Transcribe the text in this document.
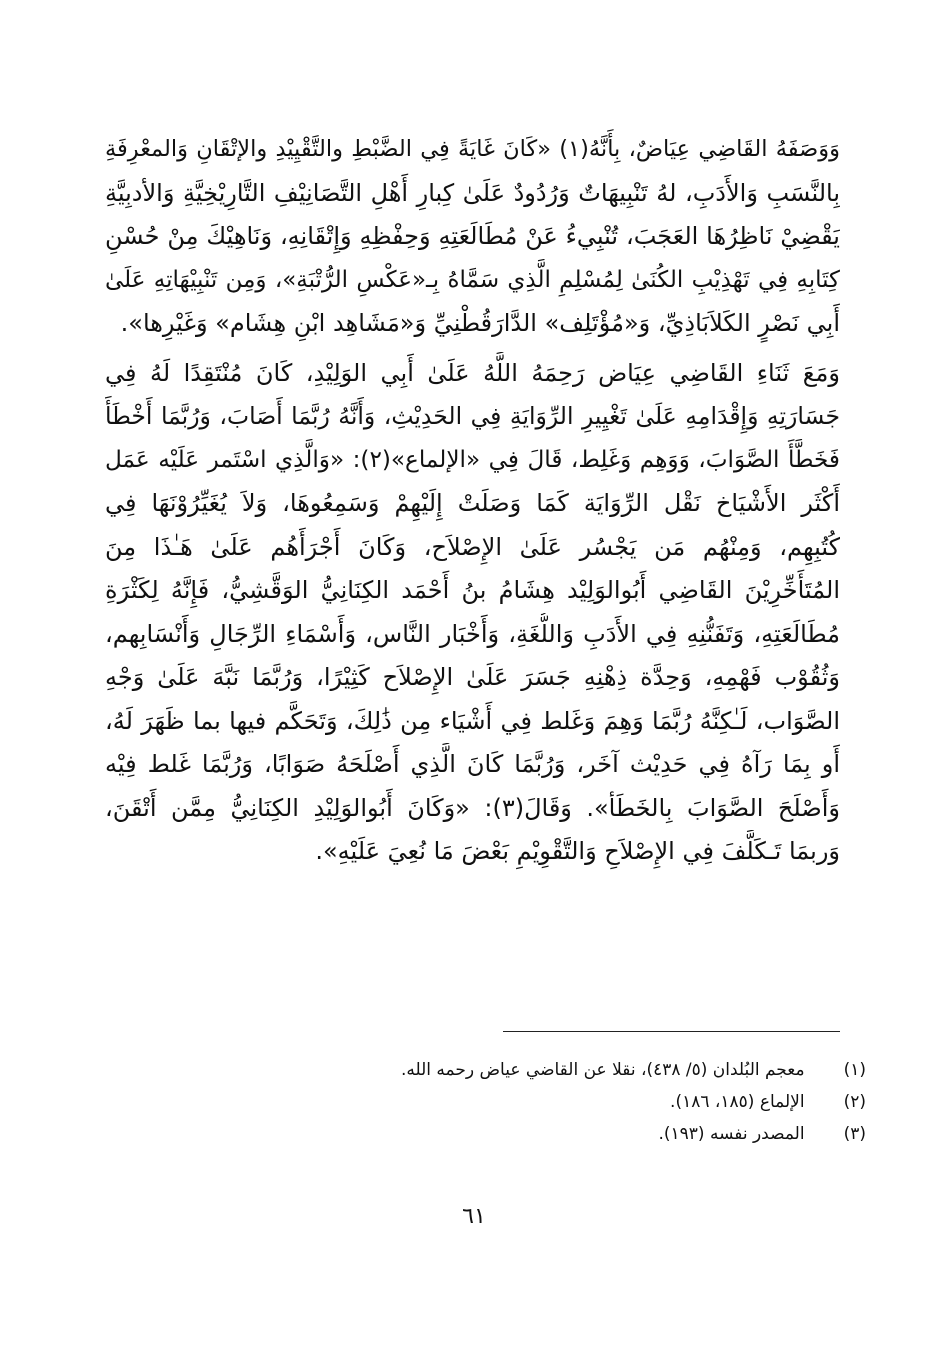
وَوَصَفَهُ القَاضِي عِيَاضٌ، بِأَنَّهُ(١) «كَانَ غَايَةً فِي الضَّبْطِ والتَّقْيِيْدِ والإتْقَانِ وَالمعْرِفَةِ
بِالنَّسَبِ وَالأَدَبِ، لهُ تَنْبِيهَاتٌ وَرُدُودٌ عَلَىٰ كِبارِ أَهْلِ التَّصَانِيْفِ التَّارِيْخِيَّةِ وَالأدبِيَّةِ
يَقْضِيْ نَاظِرُهَا العَجَبَ، تُنْبِيءُ عَنْ مُطَالَعَتِهِ وَحِفْظِهِ وَإِتْقَانِهِ، وَنَاهِيْكَ مِنْ حُسْنِ
كِتَابِهِ فِي تَهْذِيْبِ الكُنَىٰ لِمُسْلِمِ الَّذِي سَمَّاهُ بِـ«عَكْسِ الرُّتْبَةِ»، وَمِن تَنْبِيْهَاتِهِ عَلَىٰ
أَبِي نَصْرٍ الكَلاَبَاذِيِّ، وَ«مُؤْتَلِف» الدَّارَقُطْنِيِّ وَ«مَشَاهِد ابْنِ هِشَام» وَغَيْرِها».
وَمَعَ ثَنَاءِ القَاضِي عِيَاض رَحِمَهُ اللَّهُ عَلَىٰ أَبِي الوَلِيْدِ، كَانَ مُنْتَقِدًا لَهُ فِي
جَسَارَتِهِ وَإِقْدَامِهِ عَلَىٰ تَغْيِيرِ الرِّوَايَةِ فِي الحَدِيْثِ، وَأَنَّهُ رُبَّمَا أَصَابَ، وَرُبَّمَا أَخْطَأَ
فَخَطَّأَ الصَّوَابَ، وَوَهِم وَغَلِط، قَالَ فِي «الإلماع»(٢): «وَالَّذِي اسْتَمر عَلَيْه عَمَل
أَكْثَر الأَشْيَاخ نَقْل الرِّوَايَة كَمَا وَصَلَتْ إِلَيْهِمْ وَسَمِعُوهَا، وَلاَ يُغَيِّرُوْنَهَا فِي
كُتُبِهِم، وَمِنْهُم مَن يَجْسُر عَلَىٰ الإِصْلاَح، وَكَانَ أَجْرَأَهُم عَلَىٰ هَـٰذَا مِنَ
المُتَأَخِّرِيْنَ القَاضِي أَبُوالوَلِيْد هِشَامُ بنُ أَحْمَد الكِنَانِيُّ الوَقَّشِيُّ، فَإِنَّهُ لِكَثْرَةِ
مُطَالَعَتِهِ، وَتَفَنُّنِهِ فِي الأَدَبِ وَاللُّغَةِ، وَأَخْبَار النَّاس، وَأَسْمَاءِ الرِّجَالِ وَأَنْسَابِهم،
وَثُقُوْب فَهْمِهِ، وَحِدَّة ذِهْنِهِ جَسَرَ عَلَىٰ الإِصْلاَح كَثِيْرًا، وَرُبَّمَا نَبَّهَ عَلَىٰ وَجْهِ
الصَّوَاب، لَـٰكِنَّهُ رُبَّمَا وَهِمَ وَغَلط فِي أَشْيَاء مِن ذَٰلِكَ، وَتَحَكَّم فيها بما ظَهَرَ لَهُ،
أَو بِمَا رَآهُ فِي حَدِيْث آخَر، وَرُبَّمَا كَانَ الَّذِي أَصْلَحَهُ صَوَابًا، وَرُبَّمَا غَلط فِيْه
وَأَصْلَحَ الصَّوَابَ بِالخَطَأ». وَقَالَ(٣): «وَكَانَ أَبُوالوَلِيْدِ الكِنَانِيُّ مِمَّن أَتْقَنَ،
وَربمَا تَـكَلَّفَ فِي الإِصْلاَحِ وَالتَّقْوِيْمِ بَعْضَ مَا نُعِيَ عَلَيْهِ».
(١) معجم البُلدان (٥/ ٤٣٨)، نقلا عن القاضي عياض رحمه الله.
(٢) الإلماع (١٨٥، ١٨٦).
(٣) المصدر نفسه (١٩٣).
٦١
